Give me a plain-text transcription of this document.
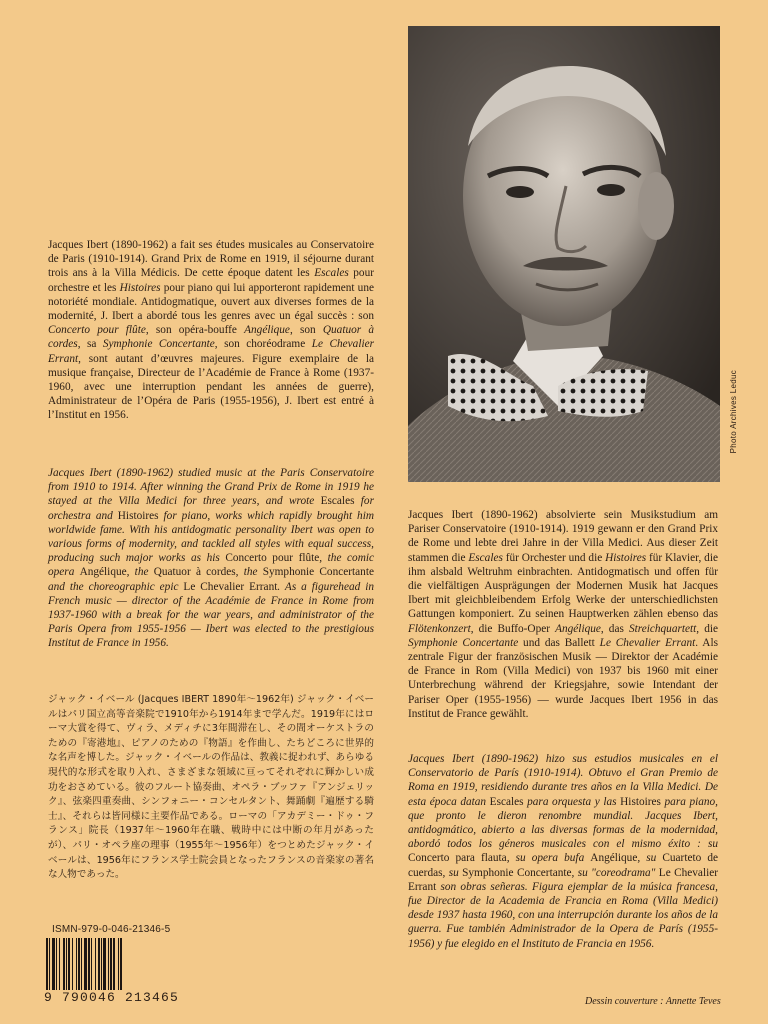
Photo Archives Leduc
Jacques Ibert (1890-1962) a fait ses études musicales au Conservatoire de Paris (1910-1914). Grand Prix de Rome en 1919, il séjourne durant trois ans à la Villa Médicis. De cette époque datent les Escales pour orchestre et les Histoires pour piano qui lui apporteront rapidement une notoriété mondiale. Antidogmatique, ouvert aux diverses formes de la modernité, J. Ibert a abordé tous les genres avec un égal succès : son Concerto pour flûte, son opéra-bouffe Angélique, son Quatuor à cordes, sa Symphonie Concertante, son choréodrame Le Chevalier Errant, sont autant d’œuvres majeures. Figure exemplaire de la musique française, Directeur de l’Académie de France à Rome (1937-1960, avec une interruption pendant les années de guerre), Administrateur de l’Opéra de Paris (1955-1956), J. Ibert est entré à l’Institut en 1956.
Jacques Ibert (1890-1962) studied music at the Paris Conservatoire from 1910 to 1914. After winning the Grand Prix de Rome in 1919 he stayed at the Villa Medici for three years, and wrote Escales for orchestra and Histoires for piano, works which rapidly brought him worldwide fame. With his antidogmatic personality Ibert was open to various forms of modernity, and tackled all styles with equal success, producing such major works as his Concerto pour flûte, the comic opera Angélique, the Quatuor à cordes, the Symphonie Concertante and the choreographic epic Le Chevalier Errant. As a figurehead in French music — director of the Académie de France in Rome from 1937-1960 with a break for the war years, and administrator of the Paris Opera from 1955-1956 — Ibert was elected to the prestigious Institut de France in 1956.
ジャック・イベール (Jacques IBERT 1890年～1962年) ジャック・イベールはパリ国立高等音楽院で1910年から1914年まで学んだ。1919年にはローマ大賞を得て、ヴィラ、メディチに3年間滞在し、その間オーケストラのための『寄港地』、ピアノのための『物語』を作曲し、たちどころに世界的な名声を博した。ジャック・イベールの作品は、教義に捉われず、あらゆる現代的な形式を取り入れ、さまざまな領域に亘ってそれぞれに輝かしい成功をおさめている。彼のフルート協奏曲、オペラ・ブッファ『アンジェリック』、弦楽四重奏曲、シンフォニー・コンセルタント、舞踊劇『遍歴する騎士』、それらは皆同様に主要作品である。ローマの「アカデミー・ドゥ・フランス」院長（1937年～1960年在職、戦時中には中断の年月があったが）、パリ・オペラ座の理事（1955年～1956年）をつとめたジャック・イベールは、1956年にフランス学士院会員となったフランスの音楽家の著名な人物であった。
Jacques Ibert (1890-1962) absolvierte sein Musikstudium am Pariser Conservatoire (1910-1914). 1919 gewann er den Grand Prix de Rome und lebte drei Jahre in der Villa Medici. Aus dieser Zeit stammen die Escales für Orchester und die Histoires für Klavier, die ihm alsbald Weltruhm einbrachten. Antidogmatisch und offen für die vielfältigen Ausprägungen der Modernen Musik hat Jacques Ibert mit gleichbleibendem Erfolg Werke der unterschiedlichsten Gattungen komponiert. Zu seinen Hauptwerken zählen ebenso das Flötenkonzert, die Buffo-Oper Angélique, das Streichquartett, die Symphonie Concertante und das Ballett Le Chevalier Errant. Als zentrale Figur der französischen Musik — Direktor der Académie de France in Rom (Villa Medici) von 1937 bis 1960 mit einer Unterbrechung während der Kriegsjahre, sowie Intendant der Pariser Oper (1955-1956) — wurde Jacques Ibert 1956 in das Institut de France gewählt.
Jacques Ibert (1890-1962) hizo sus estudios musicales en el Conservatorio de París (1910-1914). Obtuvo el Gran Premio de Roma en 1919, residiendo durante tres años en la Villa Medici. De esta época datan Escales para orquesta y las Histoires para piano, que pronto le dieron renombre mundial. Jacques Ibert, antidogmático, abierto a las diversas formas de la modernidad, abordó todos los géneros musicales con el mismo éxito : su Concerto para flauta, su opera bufa Angélique, su Cuarteto de cuerdas, su Symphonie Concertante, su "coreodrama" Le Chevalier Errant son obras señeras. Figura ejemplar de la música francesa, fue Director de la Academia de Francia en Roma (Villa Medici) desde 1937 hasta 1960, con una interrupción durante los años de la guerra. Fue también Administrador de la Opera de París (1955-1956) y fue elegido en el Instituto de Francia en 1956.
ISMN-979-0-046-21346-5
9 790046 213465	Dessin couverture : Annette Teves
